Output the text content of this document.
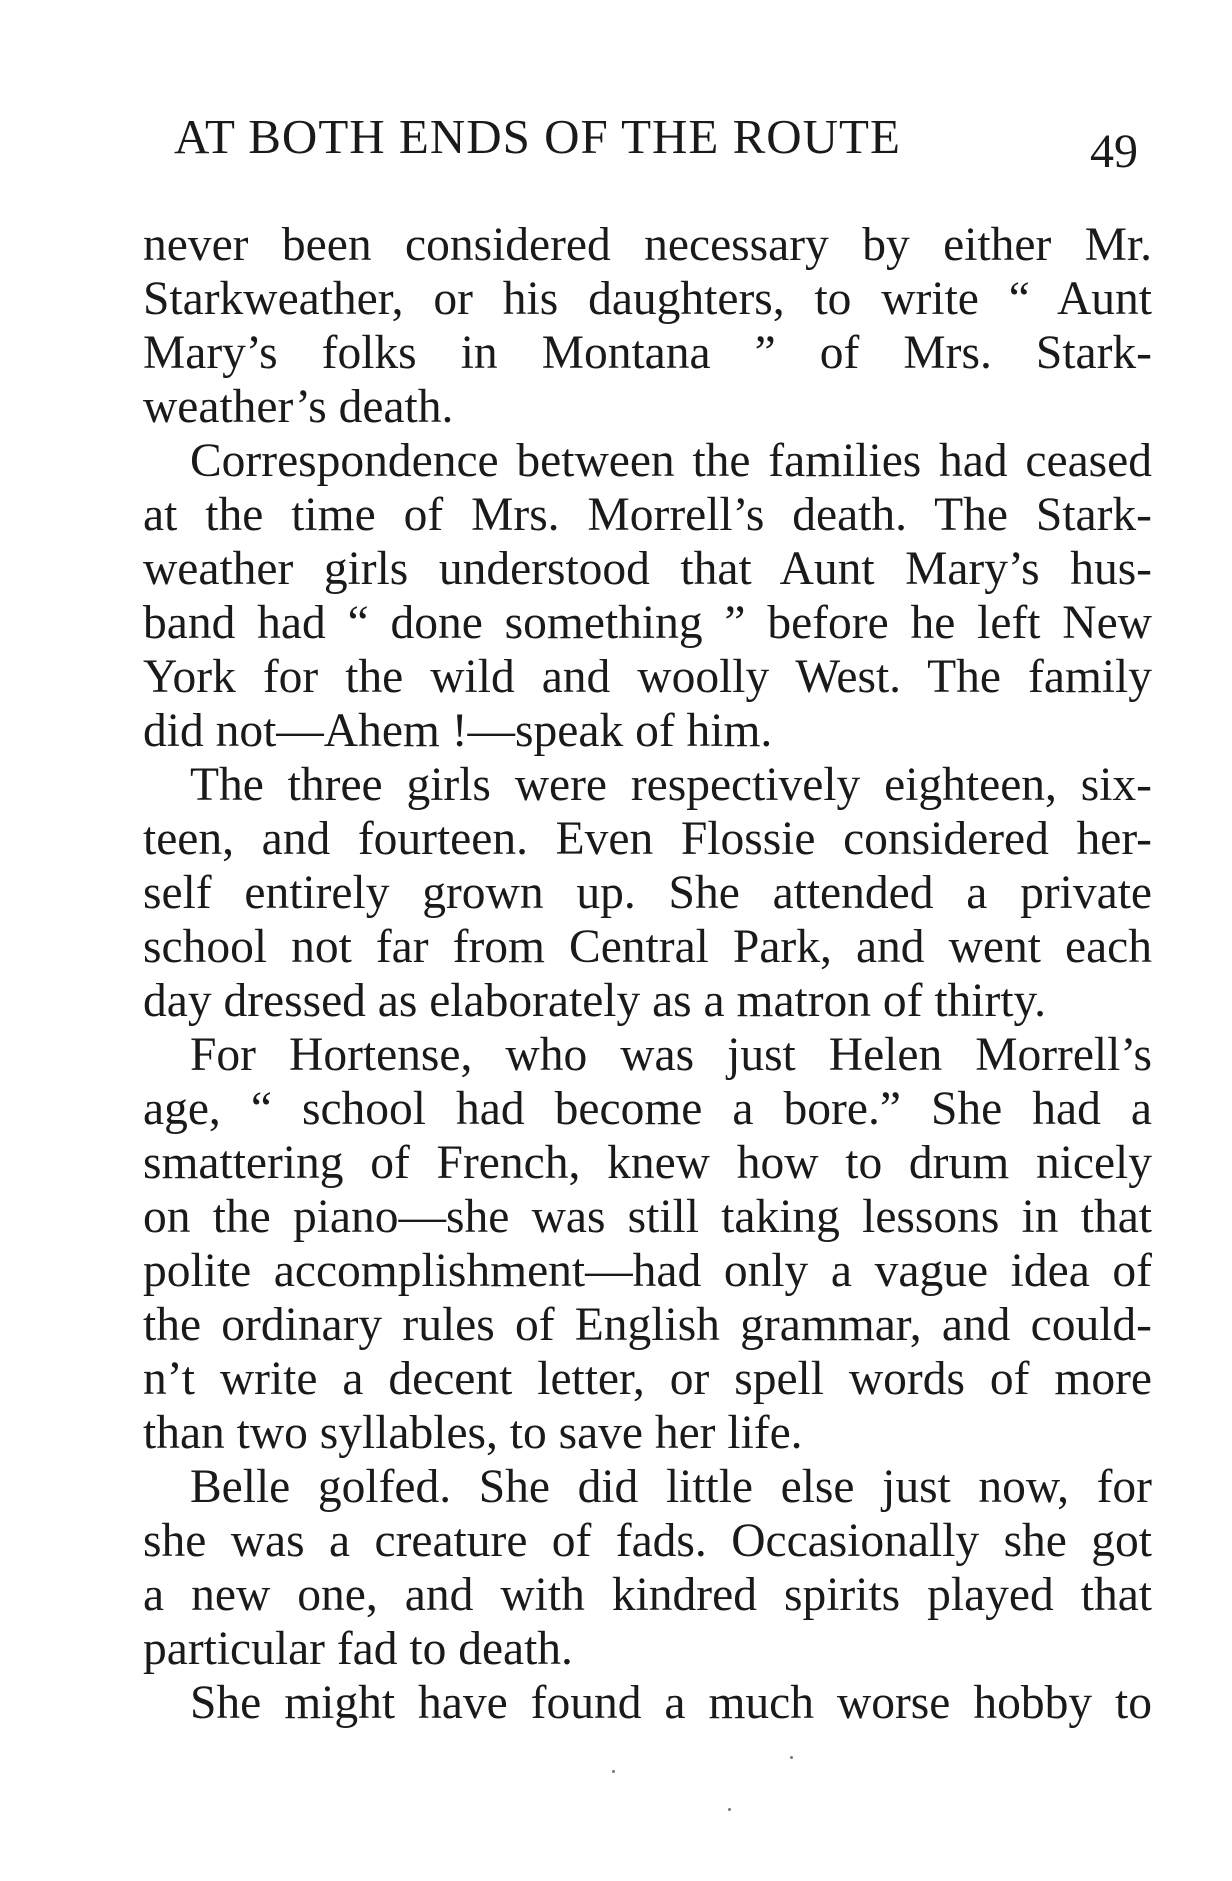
AT BOTH ENDS OF THE ROUTE	49
never been considered necessary by either Mr.
Starkweather, or his daughters, to write “ Aunt
Mary’s folks in Montana ” of Mrs. Stark-
weather’s death.
Correspondence between the families had ceased
at the time of Mrs. Morrell’s death. The Stark-
weather girls understood that Aunt Mary’s hus-
band had “ done something ” before he left New
York for the wild and woolly West. The family
did not—Ahem !—speak of him.
The three girls were respectively eighteen, six-
teen, and fourteen. Even Flossie considered her-
self entirely grown up. She attended a private
school not far from Central Park, and went each
day dressed as elaborately as a matron of thirty.
For Hortense, who was just Helen Morrell’s
age, “ school had become a bore.” She had a
smattering of French, knew how to drum nicely
on the piano—she was still taking lessons in that
polite accomplishment—had only a vague idea of
the ordinary rules of English grammar, and could-
n’t write a decent letter, or spell words of more
than two syllables, to save her life.
Belle golfed. She did little else just now, for
she was a creature of fads. Occasionally she got
a new one, and with kindred spirits played that
particular fad to death.
She might have found a much worse hobby to
